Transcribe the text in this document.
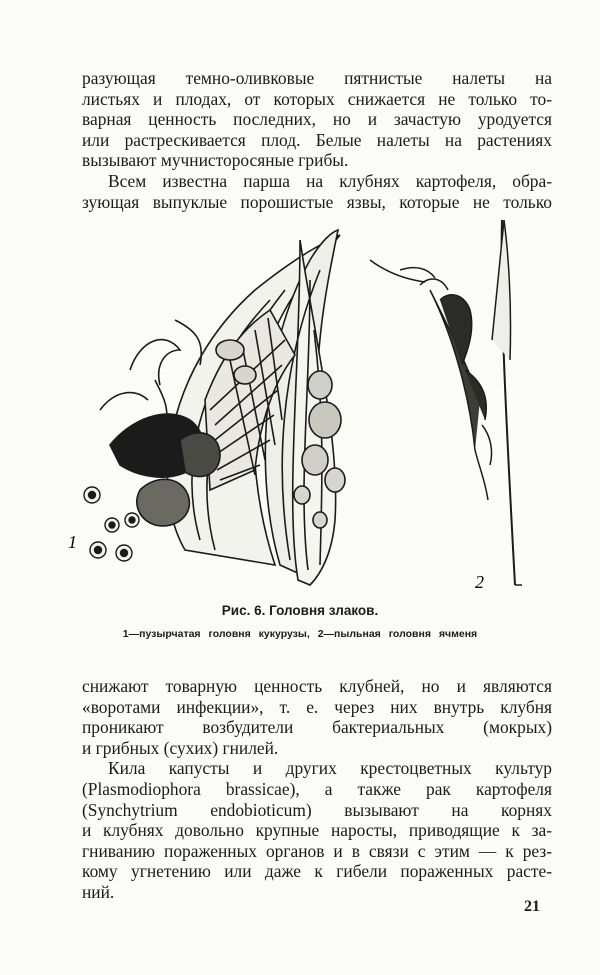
разующая темно-оливковые пятнистые налеты на
листьях и плодах, от которых снижается не только то-
варная ценность последних, но и зачастую уродуется
или растрескивается плод. Белые налеты на растениях
вызывают мучнисторосяные грибы.
Всем известна парша на клубнях картофеля, обра-
зующая выпуклые порошистые язвы, которые не только
1
2
Рис. 6. Головня злаков.
1—пузырчатая головня кукурузы, 2—пыльная головня ячменя
снижают товарную ценность клубней, но и являются
«воротами инфекции», т. е. через них внутрь клубня
проникают возбудители бактериальных (мокрых)
и грибных (сухих) гнилей.
Кила капусты и других крестоцветных культур
(Plasmodiophora brassicae), а также рак картофеля
(Synchytrium endobioticum) вызывают на корнях
и клубнях довольно крупные наросты, приводящие к за-
гниванию пораженных органов и в связи с этим — к рез-
кому угнетению или даже к гибели пораженных расте-
ний.
21
